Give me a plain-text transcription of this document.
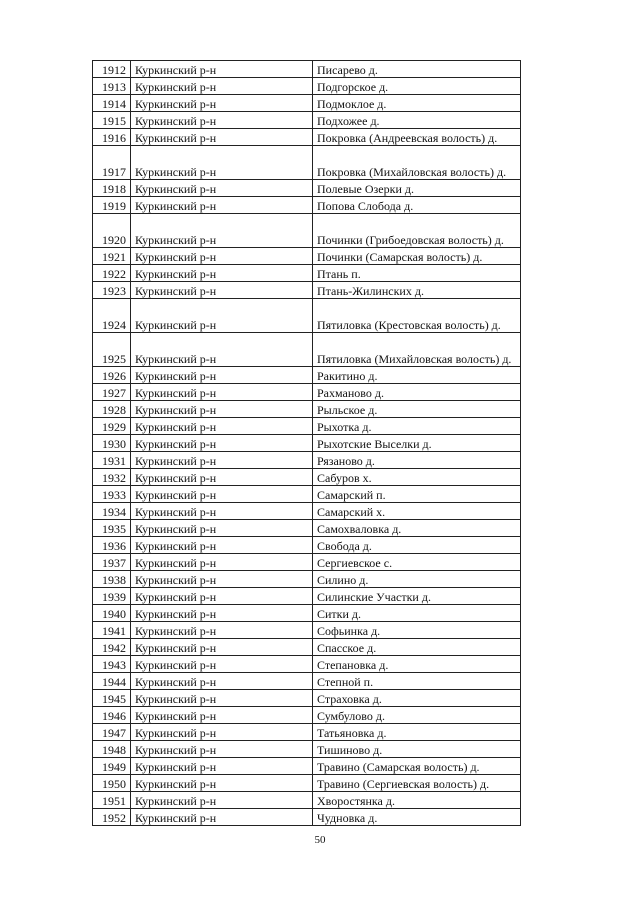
1912	Куркинский р-н	Писарево д.
1913	Куркинский р-н	Подгорское д.
1914	Куркинский р-н	Подмоклое д.
1915	Куркинский р-н	Подхожее д.
1916	Куркинский р-н	Покровка (Андреевская волость) д.
1917	Куркинский р-н	Покровка (Михайловская волость) д.
1918	Куркинский р-н	Полевые Озерки д.
1919	Куркинский р-н	Попова Слобода д.
1920	Куркинский р-н	Починки (Грибоедовская волость) д.
1921	Куркинский р-н	Починки (Самарская волость) д.
1922	Куркинский р-н	Птань п.
1923	Куркинский р-н	Птань-Жилинских д.
1924	Куркинский р-н	Пятиловка (Крестовская волость) д.
1925	Куркинский р-н	Пятиловка (Михайловская волость) д.
1926	Куркинский р-н	Ракитино д.
1927	Куркинский р-н	Рахманово д.
1928	Куркинский р-н	Рыльское д.
1929	Куркинский р-н	Рыхотка д.
1930	Куркинский р-н	Рыхотские Выселки д.
1931	Куркинский р-н	Рязаново д.
1932	Куркинский р-н	Сабуров х.
1933	Куркинский р-н	Самарский п.
1934	Куркинский р-н	Самарский х.
1935	Куркинский р-н	Самохваловка д.
1936	Куркинский р-н	Свобода д.
1937	Куркинский р-н	Сергиевское с.
1938	Куркинский р-н	Силино д.
1939	Куркинский р-н	Силинские Участки д.
1940	Куркинский р-н	Ситки д.
1941	Куркинский р-н	Софьинка д.
1942	Куркинский р-н	Спасское д.
1943	Куркинский р-н	Степановка д.
1944	Куркинский р-н	Степной п.
1945	Куркинский р-н	Страховка д.
1946	Куркинский р-н	Сумбулово д.
1947	Куркинский р-н	Татьяновка д.
1948	Куркинский р-н	Тишиново д.
1949	Куркинский р-н	Травино (Самарская волость) д.
1950	Куркинский р-н	Травино (Сергиевская волость) д.
1951	Куркинский р-н	Хворостянка д.
1952	Куркинский р-н	Чудновка д.
50
